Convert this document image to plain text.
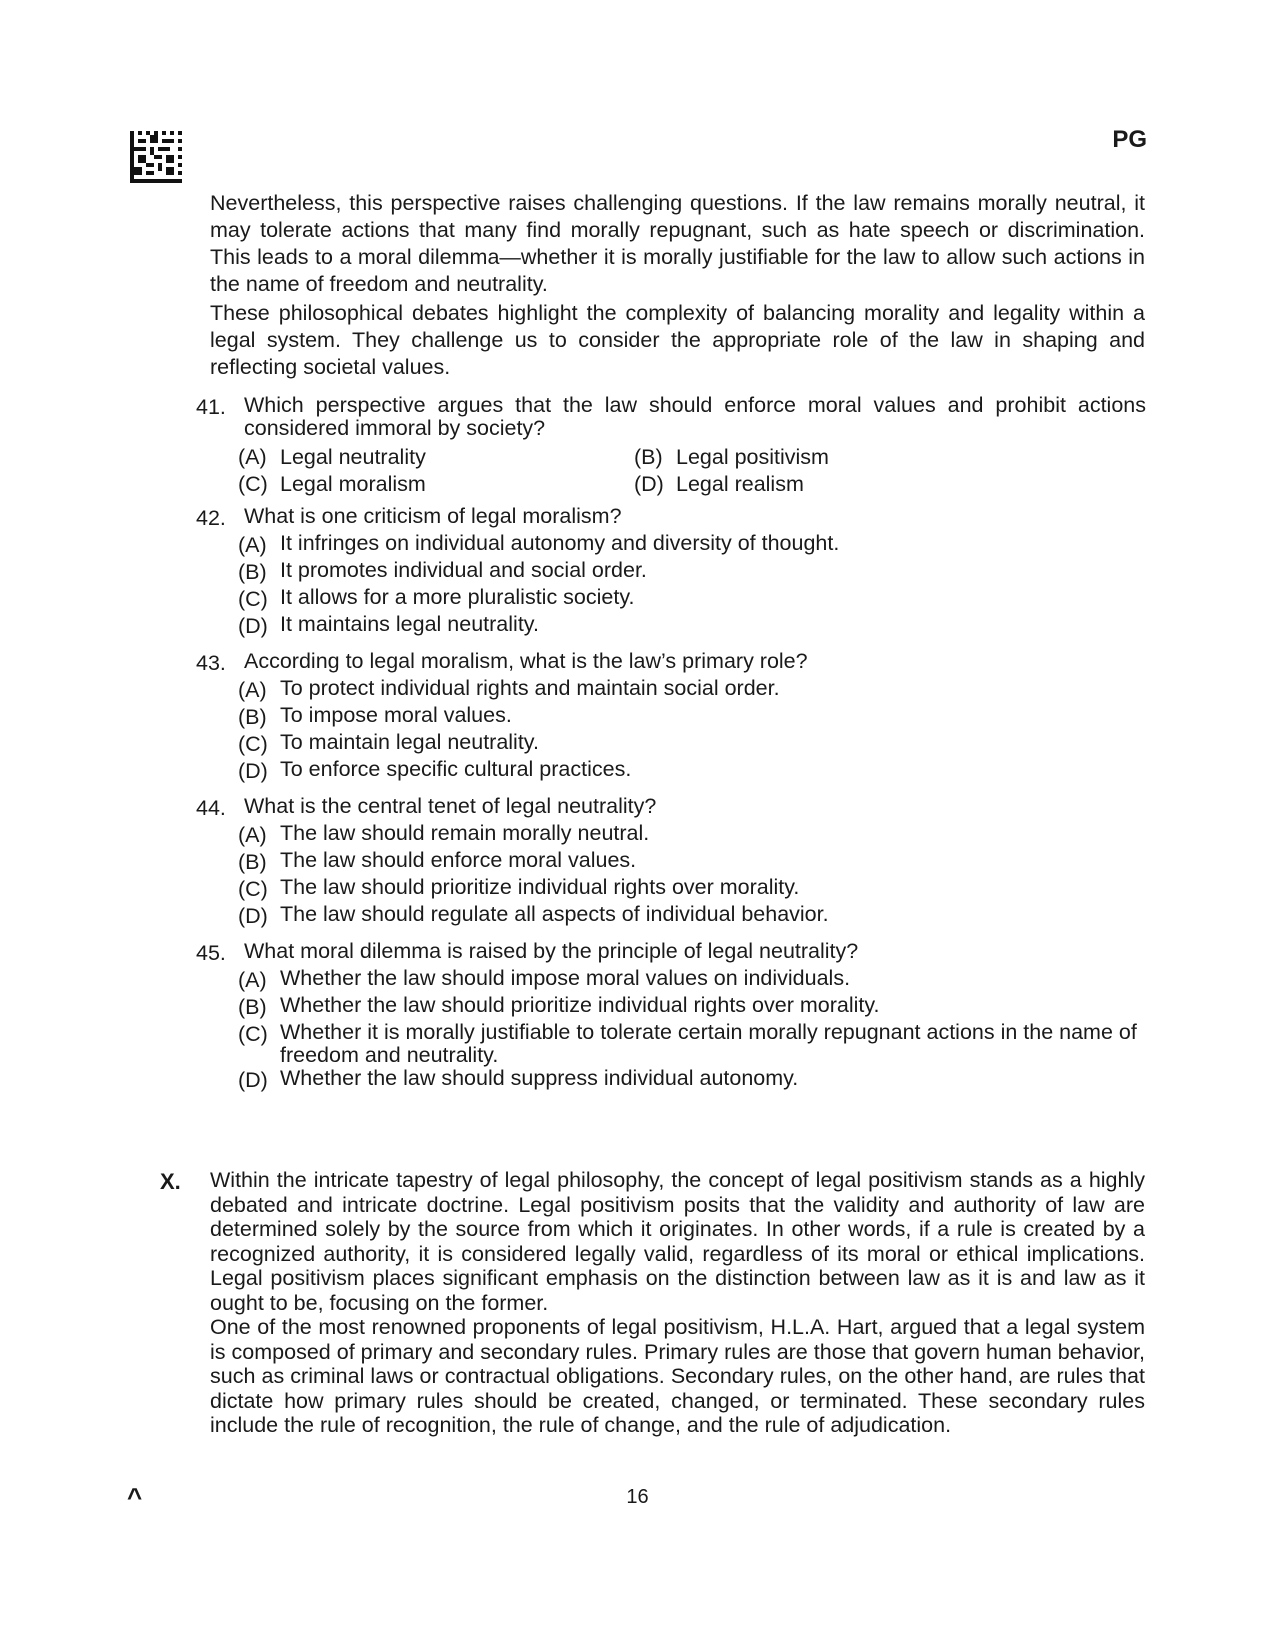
PG

Nevertheless, this perspective raises challenging questions. If the law remains morally neutral, it may tolerate actions that many find morally repugnant, such as hate speech or discrimination. This leads to a moral dilemma—whether it is morally justifiable for the law to allow such actions in the name of freedom and neutrality.

These philosophical debates highlight the complexity of balancing morality and legality within a legal system. They challenge us to consider the appropriate role of the law in shaping and reflecting societal values.

41. Which perspective argues that the law should enforce moral values and prohibit actions considered immoral by society?
(A) Legal neutrality	(B) Legal positivism
(C) Legal moralism	(D) Legal realism
42. What is one criticism of legal moralism?
(A) It infringes on individual autonomy and diversity of thought.
(B) It promotes individual and social order.
(C) It allows for a more pluralistic society.
(D) It maintains legal neutrality.
43. According to legal moralism, what is the law’s primary role?
(A) To protect individual rights and maintain social order.
(B) To impose moral values.
(C) To maintain legal neutrality.
(D) To enforce specific cultural practices.
44. What is the central tenet of legal neutrality?
(A) The law should remain morally neutral.
(B) The law should enforce moral values.
(C) The law should prioritize individual rights over morality.
(D) The law should regulate all aspects of individual behavior.
45. What moral dilemma is raised by the principle of legal neutrality?
(A) Whether the law should impose moral values on individuals.
(B) Whether the law should prioritize individual rights over morality.
(C) Whether it is morally justifiable to tolerate certain morally repugnant actions in the name of freedom and neutrality.
(D) Whether the law should suppress individual autonomy.
X. Within the intricate tapestry of legal philosophy, the concept of legal positivism stands as a highly debated and intricate doctrine. Legal positivism posits that the validity and authority of law are determined solely by the source from which it originates. In other words, if a rule is created by a recognized authority, it is considered legally valid, regardless of its moral or ethical implications. Legal positivism places significant emphasis on the distinction between law as it is and law as it ought to be, focusing on the former.

One of the most renowned proponents of legal positivism, H.L.A. Hart, argued that a legal system is composed of primary and secondary rules. Primary rules are those that govern human behavior, such as criminal laws or contractual obligations. Secondary rules, on the other hand, are rules that dictate how primary rules should be created, changed, or terminated. These secondary rules include the rule of recognition, the rule of change, and the rule of adjudication.

^	16
